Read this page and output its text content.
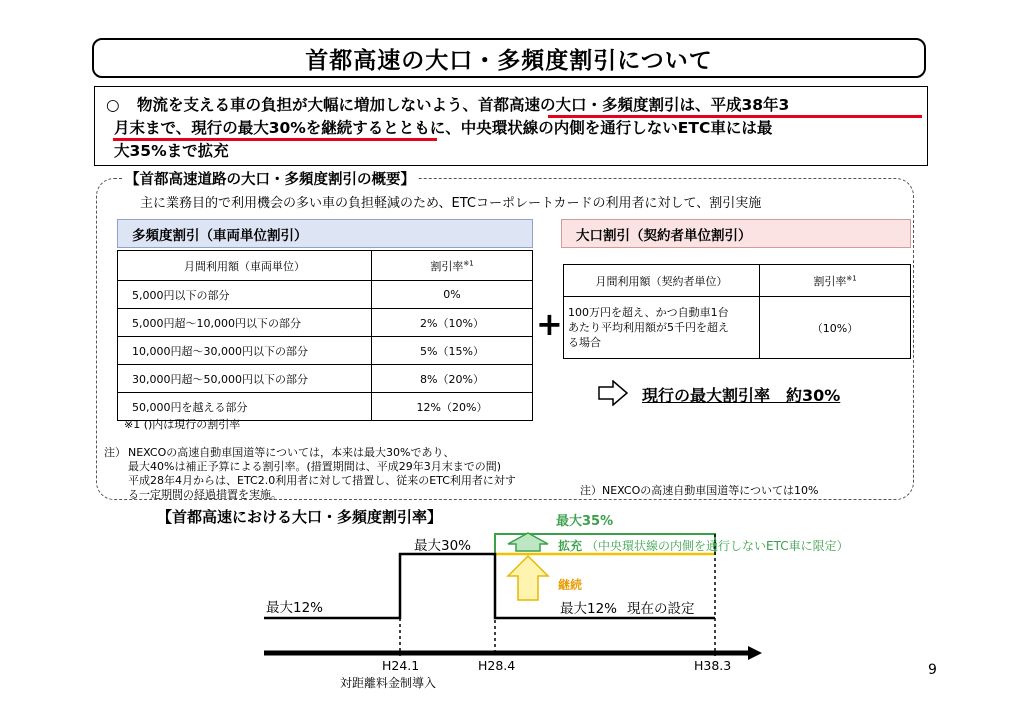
首都高速の大口・多頻度割引について
○ 物流を支える車の負担が大幅に増加しないよう、首都高速の大口・多頻度割引は、平成38年3
月末まで、現行の最大30%を継続するとともに、中央環状線の内側を通行しないETC車には最
大35%まで拡充
【首都高速道路の大口・多頻度割引の概要】
主に業務目的で利用機会の多い車の負担軽減のため、ETCコーポレートカードの利用者に対して、割引実施
多頻度割引（車両単位割引）
月間利用額（車両単位）	割引率$^{※1}$
5,000円以下の部分	0%
5,000円超～10,000円以下の部分	2%（10%）
10,000円超～30,000円以下の部分	5%（15%）
30,000円超～50,000円以下の部分	8%（20%）
50,000円を越える部分	12%（20%）
※1 ()内は現行の割引率
+
大口割引（契約者単位割引）
月間利用額（契約者単位）	割引率$^{※1}$

100万円を超え、かつ自動車1台
あたり平均利用額が5千円を超え
る場合	（10%）
現行の最大割引率　約30%
注） NEXCOの高速自動車国道等については，本来は最大30%であり、
最大40%は補正予算による割引率。(措置期間は、平成29年3月末までの間)
平成28年4月からは、ETC2.0利用者に対して措置し、従来のETC利用者に対す
る一定期間の経過措置を実施。	注）NEXCOの高速自動車国道等については10%
【首都高速における大口・多頻度割引率】
最大12%
最大30%
最大35%
拡充 （中央環状線の内側を通行しないETC車に限定）
継続
最大12% 現在の設定
H24.1	H28.4	H38.3
対距離料金制導入
9
